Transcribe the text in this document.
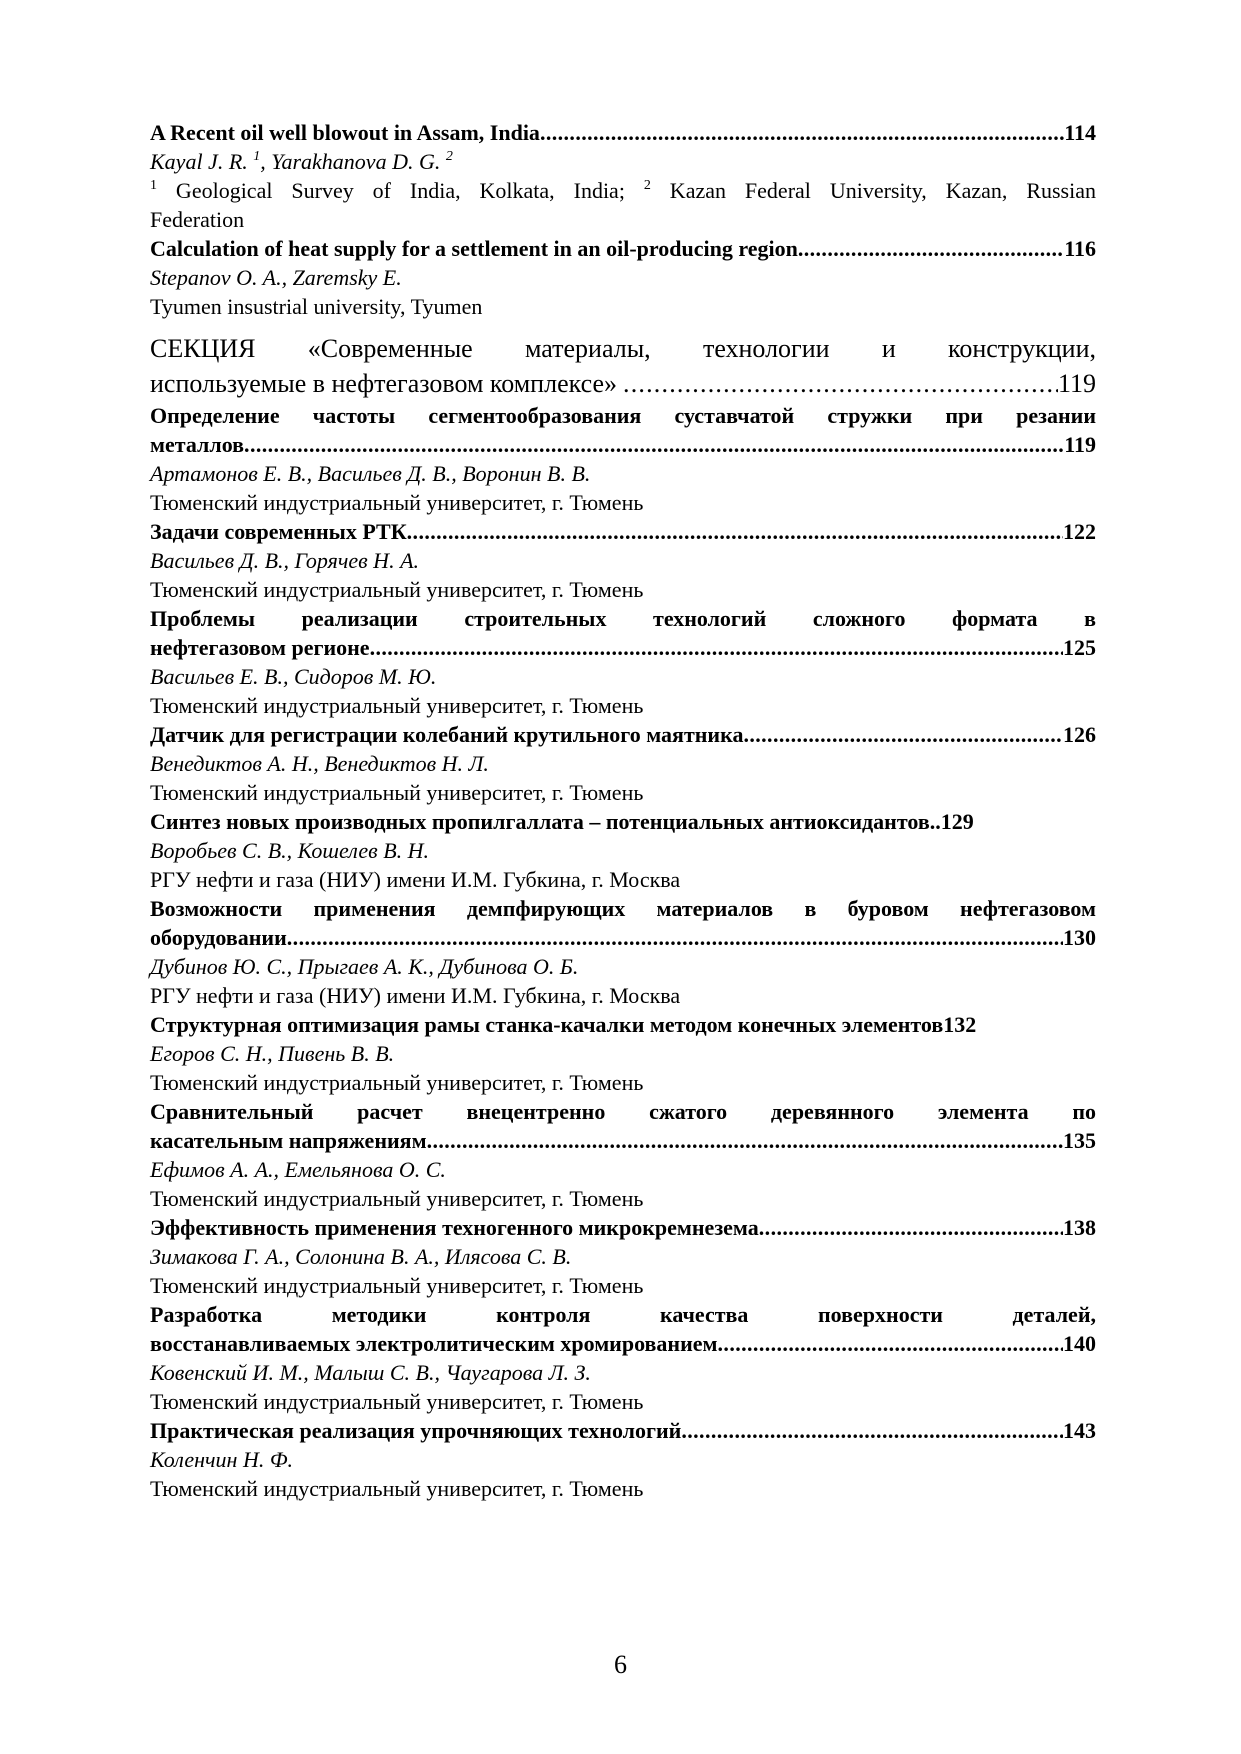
A Recent oil well blowout in Assam, India .....	114
Kayal J. R. $^1$, Yarakhanova D. G. $^2$
$^1$ Geological Survey of India, Kolkata, India; $^2$ Kazan Federal University, Kazan, Russian
Federation
Calculation of heat supply for a settlement in an oil-producing region .....	116
Stepanov O. A., Zaremsky E.
Tyumen insustrial university, Tyumen
СЕКЦИЯ «Современные материалы, технологии и конструкции,
используемые в нефтегазовом комплексе» .....	119
Определение частоты сегментообразования суставчатой стружки при резании
металлов .....	119
Артамонов Е. В., Васильев Д. В., Воронин В. В.
Тюменский индустриальный университет, г. Тюмень
Задачи современных РТК .....	122
Васильев Д. В., Горячев Н. А.
Тюменский индустриальный университет, г. Тюмень
Проблемы реализации строительных технологий сложного формата в
нефтегазовом регионе .....	125
Васильев Е. В., Сидоров М. Ю.
Тюменский индустриальный университет, г. Тюмень
Датчик для регистрации колебаний крутильного маятника .....	126
Венедиктов А. Н., Венедиктов Н. Л.
Тюменский индустриальный университет, г. Тюмень
Синтез новых производных пропилгаллата – потенциальных антиоксидантов.. 129
Воробьев С. В., Кошелев В. Н.
РГУ нефти и газа (НИУ) имени И.М. Губкина, г. Москва
Возможности применения демпфирующих материалов в буровом нефтегазовом
оборудовании .....	130
Дубинов Ю. С., Прыгаев А. К., Дубинова О. Б.
РГУ нефти и газа (НИУ) имени И.М. Губкина, г. Москва
Структурная оптимизация рамы станка-качалки методом конечных элементов 132
Егоров С. Н., Пивень В. В.
Тюменский индустриальный университет, г. Тюмень
Сравнительный расчет внецентренно сжатого деревянного элемента по
касательным напряжениям .....	135
Ефимов А. А., Емельянова О. С.
Тюменский индустриальный университет, г. Тюмень
Эффективность применения техногенного микрокремнезема .....	138
Зимакова Г. А., Солонина В. А., Илясова С. В.
Тюменский индустриальный университет, г. Тюмень
Разработка методики контроля качества поверхности деталей,
восстанавливаемых электролитическим хромированием .....	140
Ковенский И. М., Малыш С. В., Чаугарова Л. З.
Тюменский индустриальный университет, г. Тюмень
Практическая реализация упрочняющих технологий .....	143
Коленчин Н. Ф.
Тюменский индустриальный университет, г. Тюмень
6
